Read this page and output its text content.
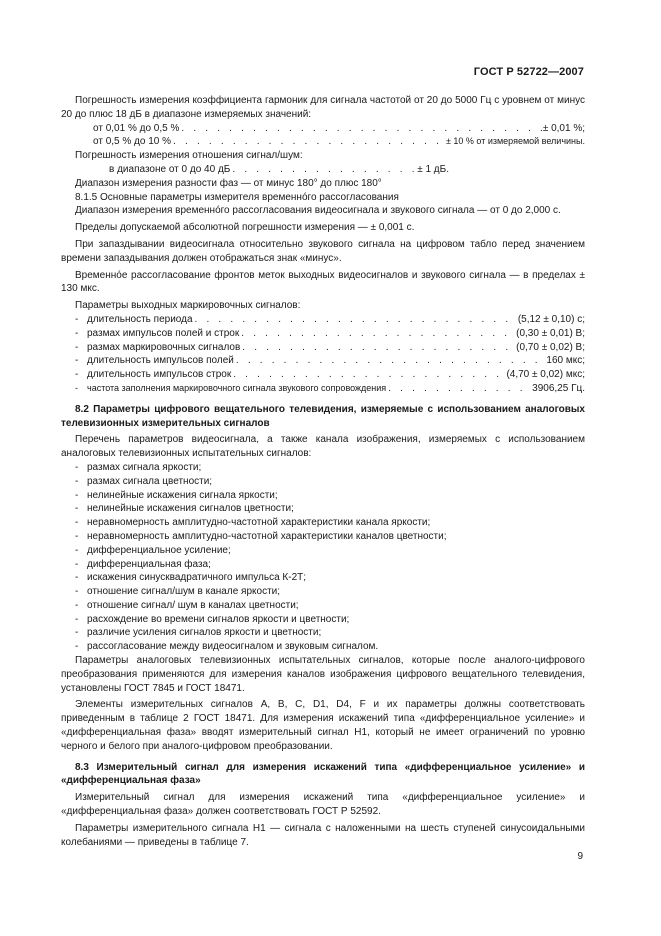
ГОСТ Р 52722—2007

Погрешность измерения коэффициента гармоник для сигнала частотой от 20 до 5000 Гц с уровнем от минус 20 до плюс 18 дБ в диапазоне измеряемых значений:

от 0,01 % до 0,5 % . . .	± 0,01 %;
от 0,5 % до 10 % . . .	± 10 % от измеряемой величины.

Погрешность измерения отношения сигнал/шум:

в диапазоне от 0 до 40 дБ . . .	± 1 дБ.

Диапазон измерения разности фаз — от минус 180° до плюс 180°

8.1.5 Основные параметры измерителя временнóго рассогласования

Диапазон измерения временнóго рассогласования видеосигнала и звукового сигнала — от 0 до 2,000 с.

Пределы допускаемой абсолютной погрешности измерения — ± 0,001 с.

При запаздывании видеосигнала относительно звукового сигнала на цифровом табло перед значением времени запаздывания должен отображаться знак «минус».

Временнóе рассогласование фронтов меток выходных видеосигналов и звукового сигнала — в пределах ± 130 мкс.

Параметры выходных маркировочных сигналов:

- длительность периода . . .	(5,12 ± 0,10) с;
- размах импульсов полей и строк . . .	(0,30 ± 0,01) В;
- размах маркировочных сигналов . . .	(0,70 ± 0,02) В;
- длительность импульсов полей . . .	160 мкс;
- длительность импульсов строк . . .	(4,70 ± 0,02) мкс;
- частота заполнения маркировочного сигнала звукового сопровождения . . .	3906,25 Гц.

8.2 Параметры цифрового вещательного телевидения, измеряемые с использованием аналоговых телевизионных измерительных сигналов

Перечень параметров видеосигнала, а также канала изображения, измеряемых с использованием аналоговых телевизионных испытательных сигналов:

- размах сигнала яркости;

- размах сигнала цветности;

- нелинейные искажения сигнала яркости;

- нелинейные искажения сигналов цветности;

- неравномерность амплитудно-частотной характеристики канала яркости;

- неравномерность амплитудно-частотной характеристики каналов цветности;

- дифференциальное усиление;

- дифференциальная фаза;

- искажения синусквадратичного импульса К-2Т;

- отношение сигнал/шум в канале яркости;

- отношение сигнал/ шум в каналах цветности;

- расхождение во времени сигналов яркости и цветности;

- различие усиления сигналов яркости и цветности;

- рассогласование между видеосигналом и звуковым сигналом.

Параметры аналоговых телевизионных испытательных сигналов, которые после аналого-цифрового преобразования применяются для измерения каналов изображения цифрового вещательного телевидения, установлены ГОСТ 7845 и ГОСТ 18471.

Элементы измерительных сигналов А, В, С, D1, D4, F и их параметры должны соответствовать приведенным в таблице 2 ГОСТ 18471. Для измерения искажений типа «дифференциальное усиление» и «дифференциальная фаза» вводят измерительный сигнал Н1, который не имеет ограничений по уровню черного и белого при аналого-цифровом преобразовании.

8.3 Измерительный сигнал для измерения искажений типа «дифференциальное усиление» и «дифференциальная фаза»

Измерительный сигнал для измерения искажений типа «дифференциальное усиление» и «дифференциальная фаза» должен соответствовать ГОСТ Р 52592.

Параметры измерительного сигнала Н1 — сигнала с наложенными на шесть ступеней синусоидальными колебаниями — приведены в таблице 7.

9
